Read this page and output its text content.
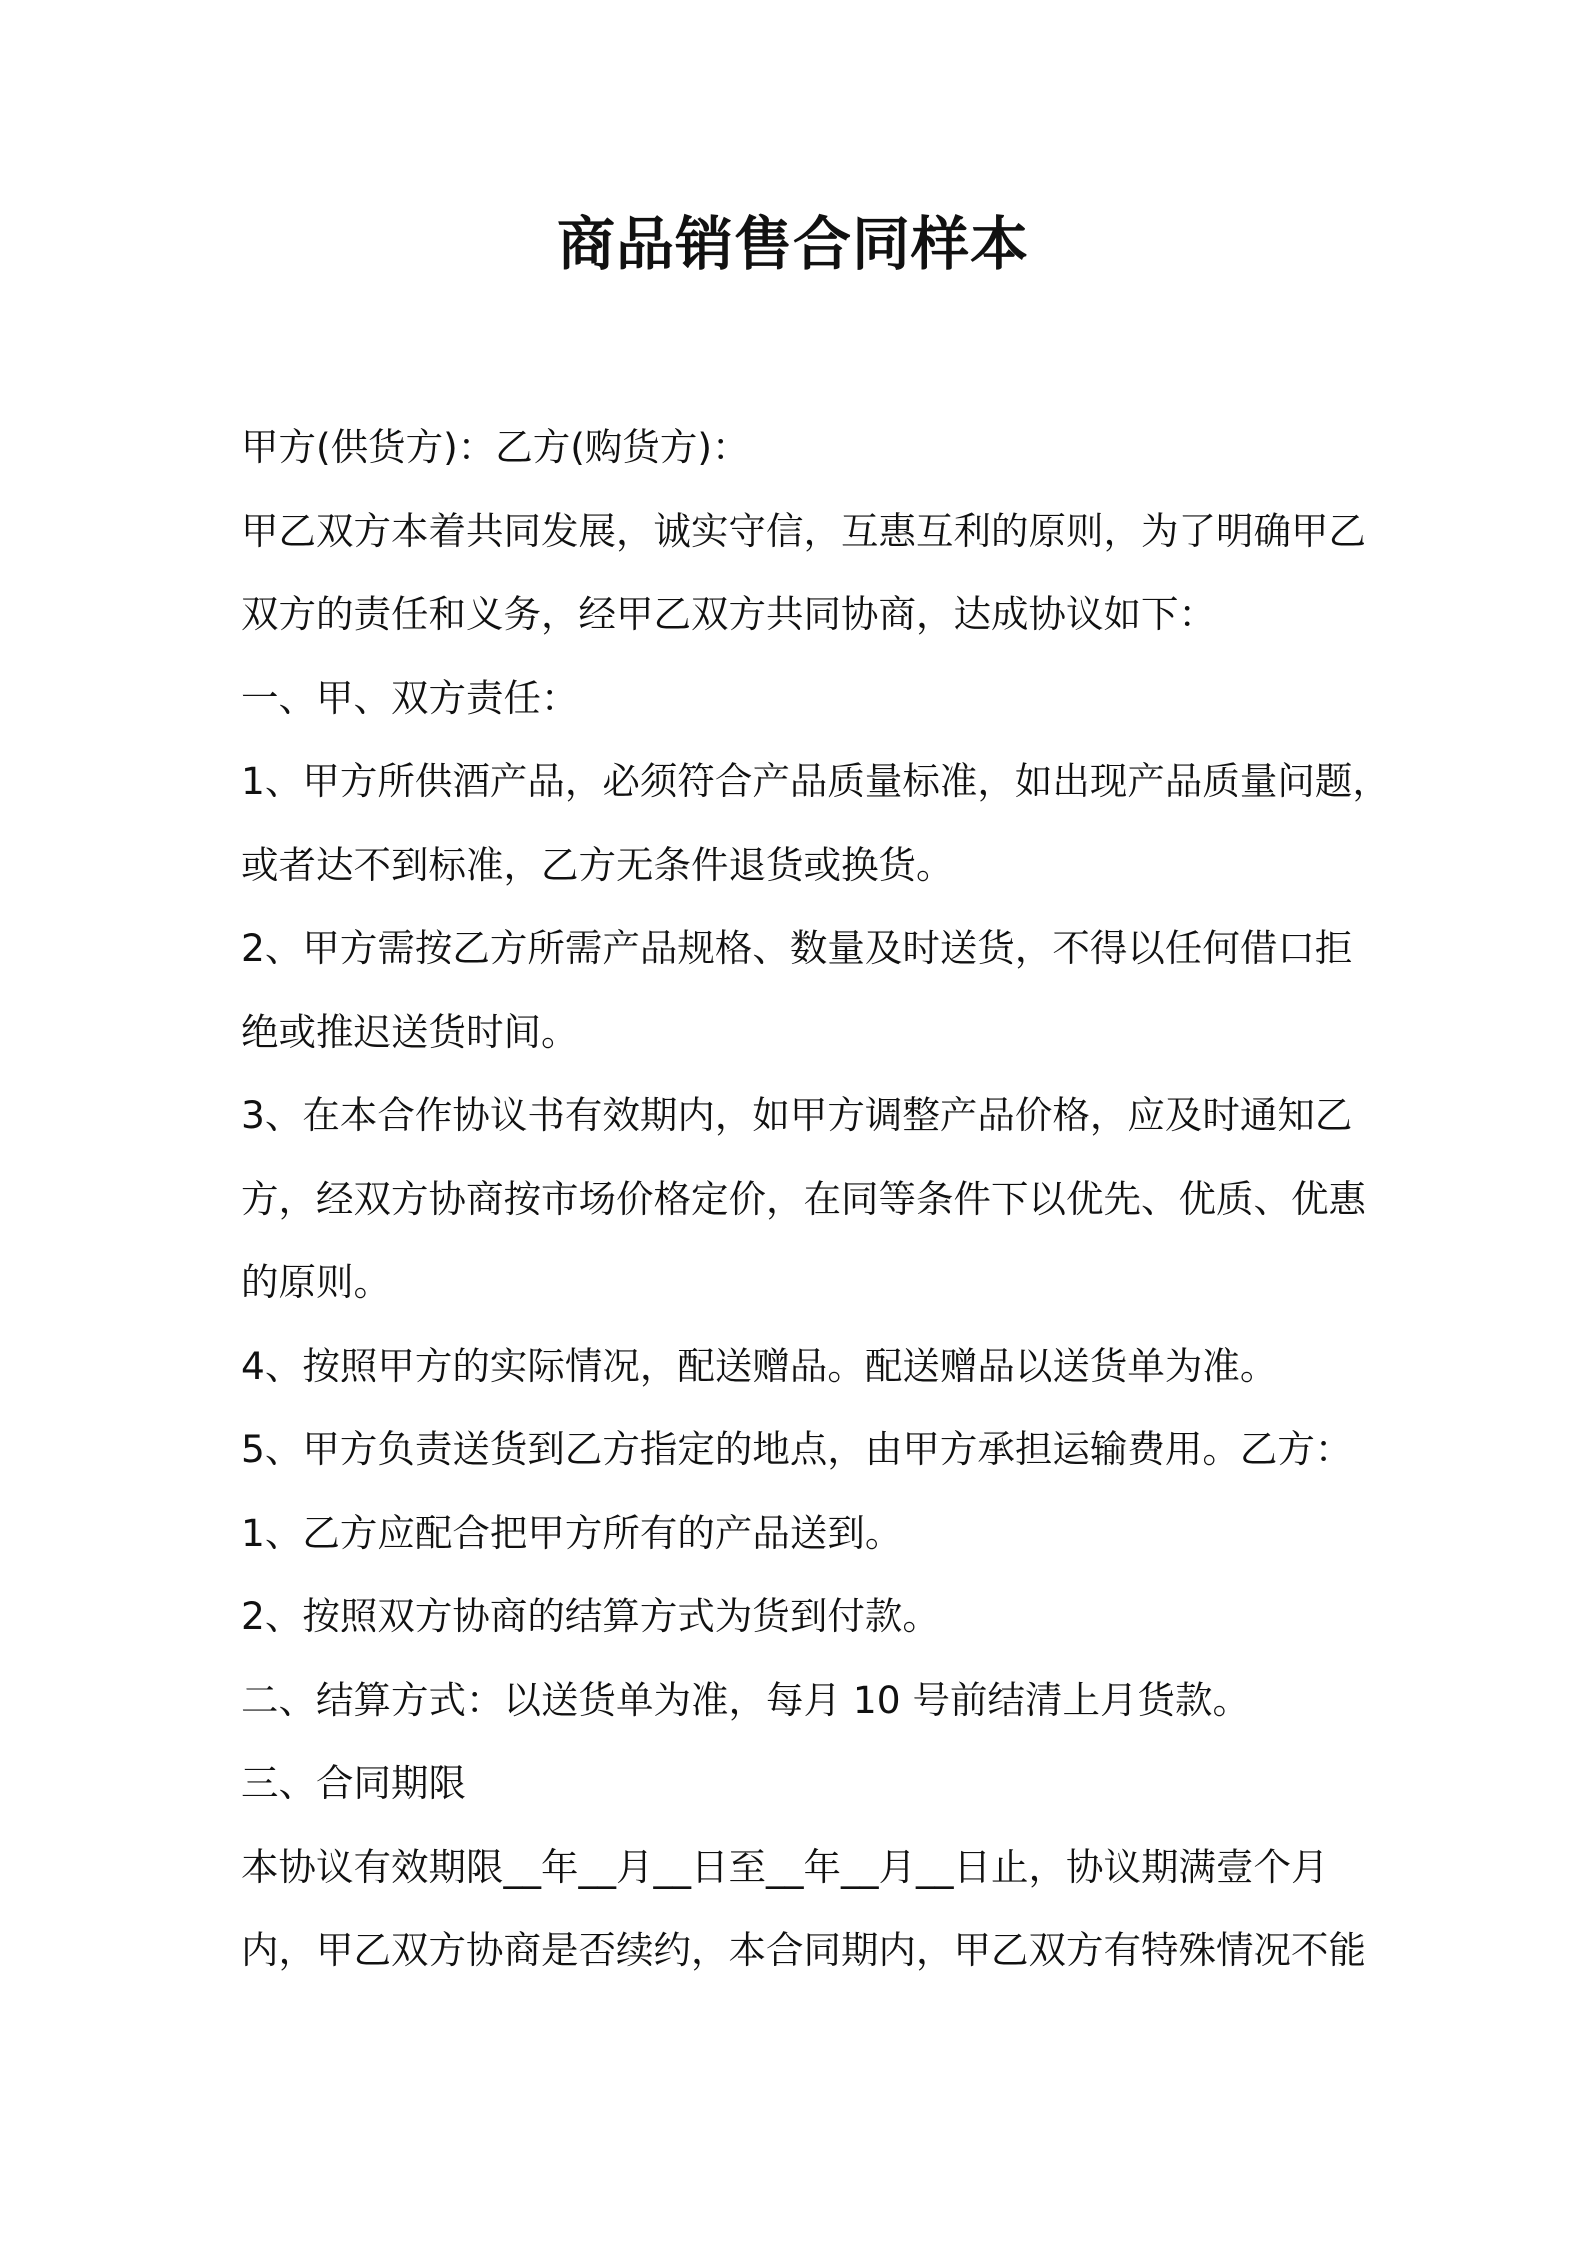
商品销售合同样本
甲方(供货方)：乙方(购货方)：
甲乙双方本着共同发展，诚实守信，互惠互利的原则，为了明确甲乙
双方的责任和义务，经甲乙双方共同协商，达成协议如下：
一、甲、双方责任：
1、甲方所供酒产品，必须符合产品质量标准，如出现产品质量问题，
或者达不到标准，乙方无条件退货或换货。
2、甲方需按乙方所需产品规格、数量及时送货，不得以任何借口拒
绝或推迟送货时间。
3、在本合作协议书有效期内，如甲方调整产品价格，应及时通知乙
方，经双方协商按市场价格定价，在同等条件下以优先、优质、优惠
的原则。
4、按照甲方的实际情况，配送赠品。配送赠品以送货单为准。
5、甲方负责送货到乙方指定的地点，由甲方承担运输费用。乙方：
1、乙方应配合把甲方所有的产品送到。
2、按照双方协商的结算方式为货到付款。
二、结算方式：以送货单为准，每月 10 号前结清上月货款。
三、合同期限
本协议有效期限__年__月__日至__年__月__日止，协议期满壹个月
内，甲乙双方协商是否续约，本合同期内，甲乙双方有特殊情况不能
